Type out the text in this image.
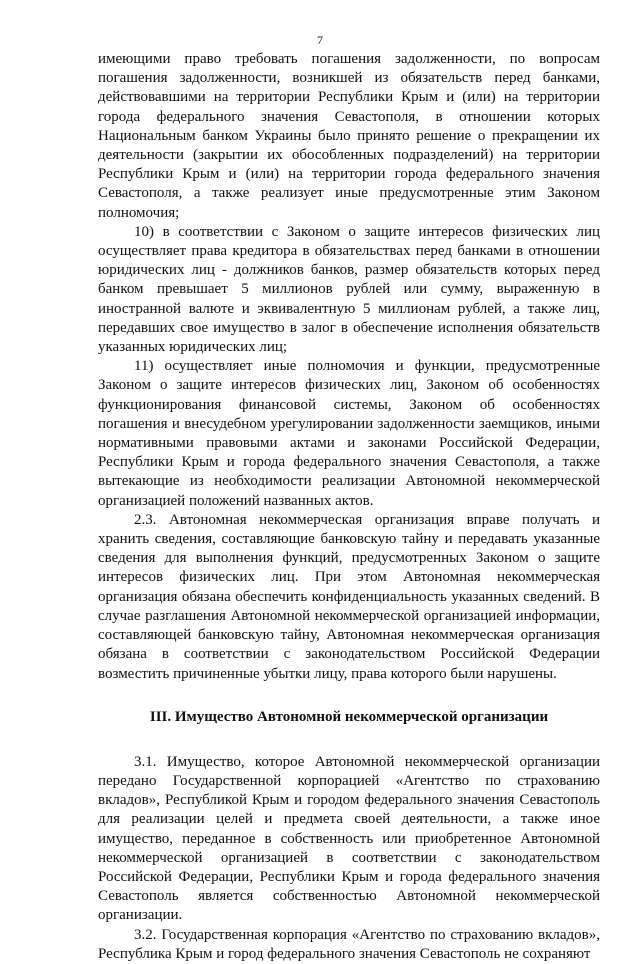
7

имеющими право требовать погашения задолженности, по вопросам погашения задолженности, возникшей из обязательств перед банками, действовавшими на территории Республики Крым и (или) на территории города федерального значения Севастополя, в отношении которых Национальным банком Украины было принято решение о прекращении их деятельности (закрытии их обособленных подразделений) на территории Республики Крым и (или) на территории города федерального значения Севастополя, а также реализует иные предусмотренные этим Законом полномочия;

10) в соответствии с Законом о защите интересов физических лиц осуществляет права кредитора в обязательствах перед банками в отношении юридических лиц - должников банков, размер обязательств которых перед банком превышает 5 миллионов рублей или сумму, выраженную в иностранной валюте и эквивалентную 5 миллионам рублей, а также лиц, передавших свое имущество в залог в обеспечение исполнения обязательств указанных юридических лиц;

11) осуществляет иные полномочия и функции, предусмотренные Законом о защите интересов физических лиц, Законом об особенностях функционирования финансовой системы, Законом об особенностях погашения и внесудебном урегулировании задолженности заемщиков, иными нормативными правовыми актами и законами Российской Федерации, Республики Крым и города федерального значения Севастополя, а также вытекающие из необходимости реализации Автономной некоммерческой организацией положений названных актов.

2.3. Автономная некоммерческая организация вправе получать и хранить сведения, составляющие банковскую тайну и передавать указанные сведения для выполнения функций, предусмотренных Законом о защите интересов физических лиц. При этом Автономная некоммерческая организация обязана обеспечить конфиденциальность указанных сведений. В случае разглашения Автономной некоммерческой организацией информации, составляющей банковскую тайну, Автономная некоммерческая организация обязана в соответствии с законодательством Российской Федерации возместить причиненные убытки лицу, права которого были нарушены.

III. Имущество Автономной некоммерческой организации

3.1. Имущество, которое Автономной некоммерческой организации передано Государственной корпорацией «Агентство по страхованию вкладов», Республикой Крым и городом федерального значения Севастополь для реализации целей и предмета своей деятельности, а также иное имущество, переданное в собственность или приобретенное Автономной некоммерческой организацией в соответствии с законодательством Российской Федерации, Республики Крым и города федерального значения Севастополь является собственностью Автономной некоммерческой организации.

3.2. Государственная корпорация «Агентство по страхованию вкладов», Республика Крым и город федерального значения Севастополь не сохраняют
